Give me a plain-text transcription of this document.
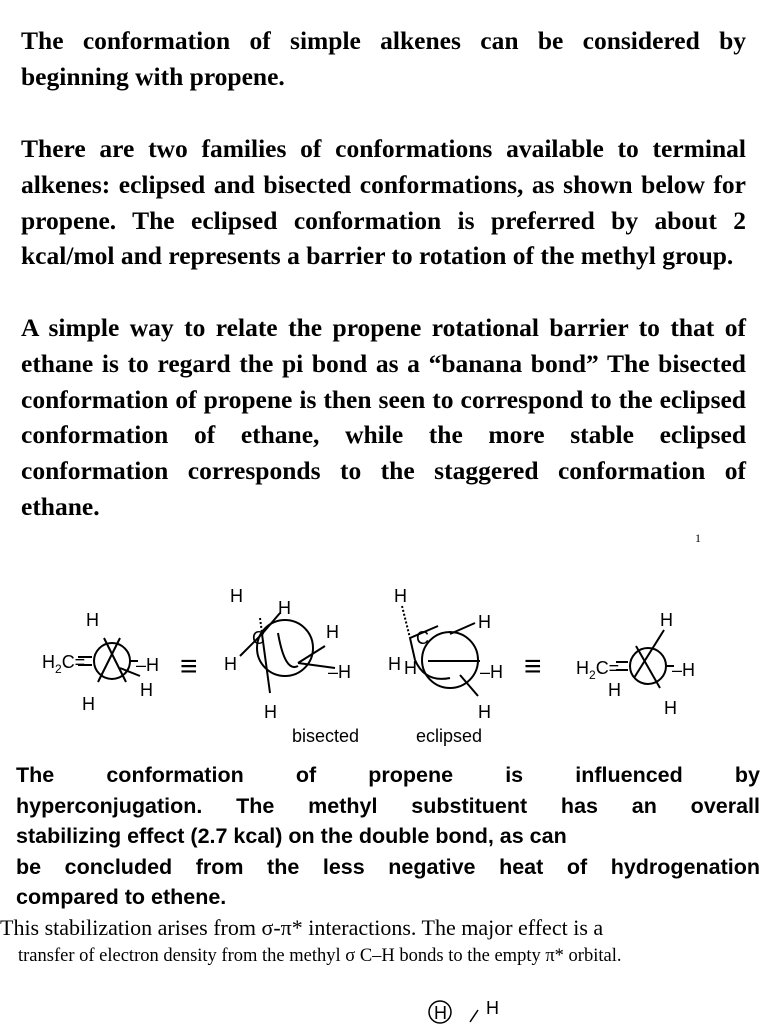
The conformation of simple alkenes can be considered by beginning with propene.

There are two families of conformations available to terminal alkenes: eclipsed and bisected conformations, as shown below for propene. The eclipsed conformation is preferred by about 2 kcal/mol and represents a barrier to rotation of the methyl group.

A simple way to relate the propene rotational barrier to that of ethane is to regard the pi bond as a “banana bond” The bisected conformation of propene is then seen to correspond to the eclipsed conformation of ethane, while the more stable eclipsed conformation corresponds to the staggered conformation of ethane.

1
H
$H_2C=$	–H
H
H
≡
H
H
C	H
H	–H
H
bisected
H
C
H
H H	–H
H
eclipsed
≡
H
$H_2C=$	–H
H
H
The conformation of propene is influenced by
hyperconjugation. The methyl substituent has an overall
stabilizing effect (2.7 kcal) on the double bond, as can
be concluded from the less negative heat of hydrogenation
compared to ethene.

This stabilization arises from σ-π* interactions. The major effect is a

transfer of electron density from the methyl σ C–H bonds to the empty π* orbital.

H H
